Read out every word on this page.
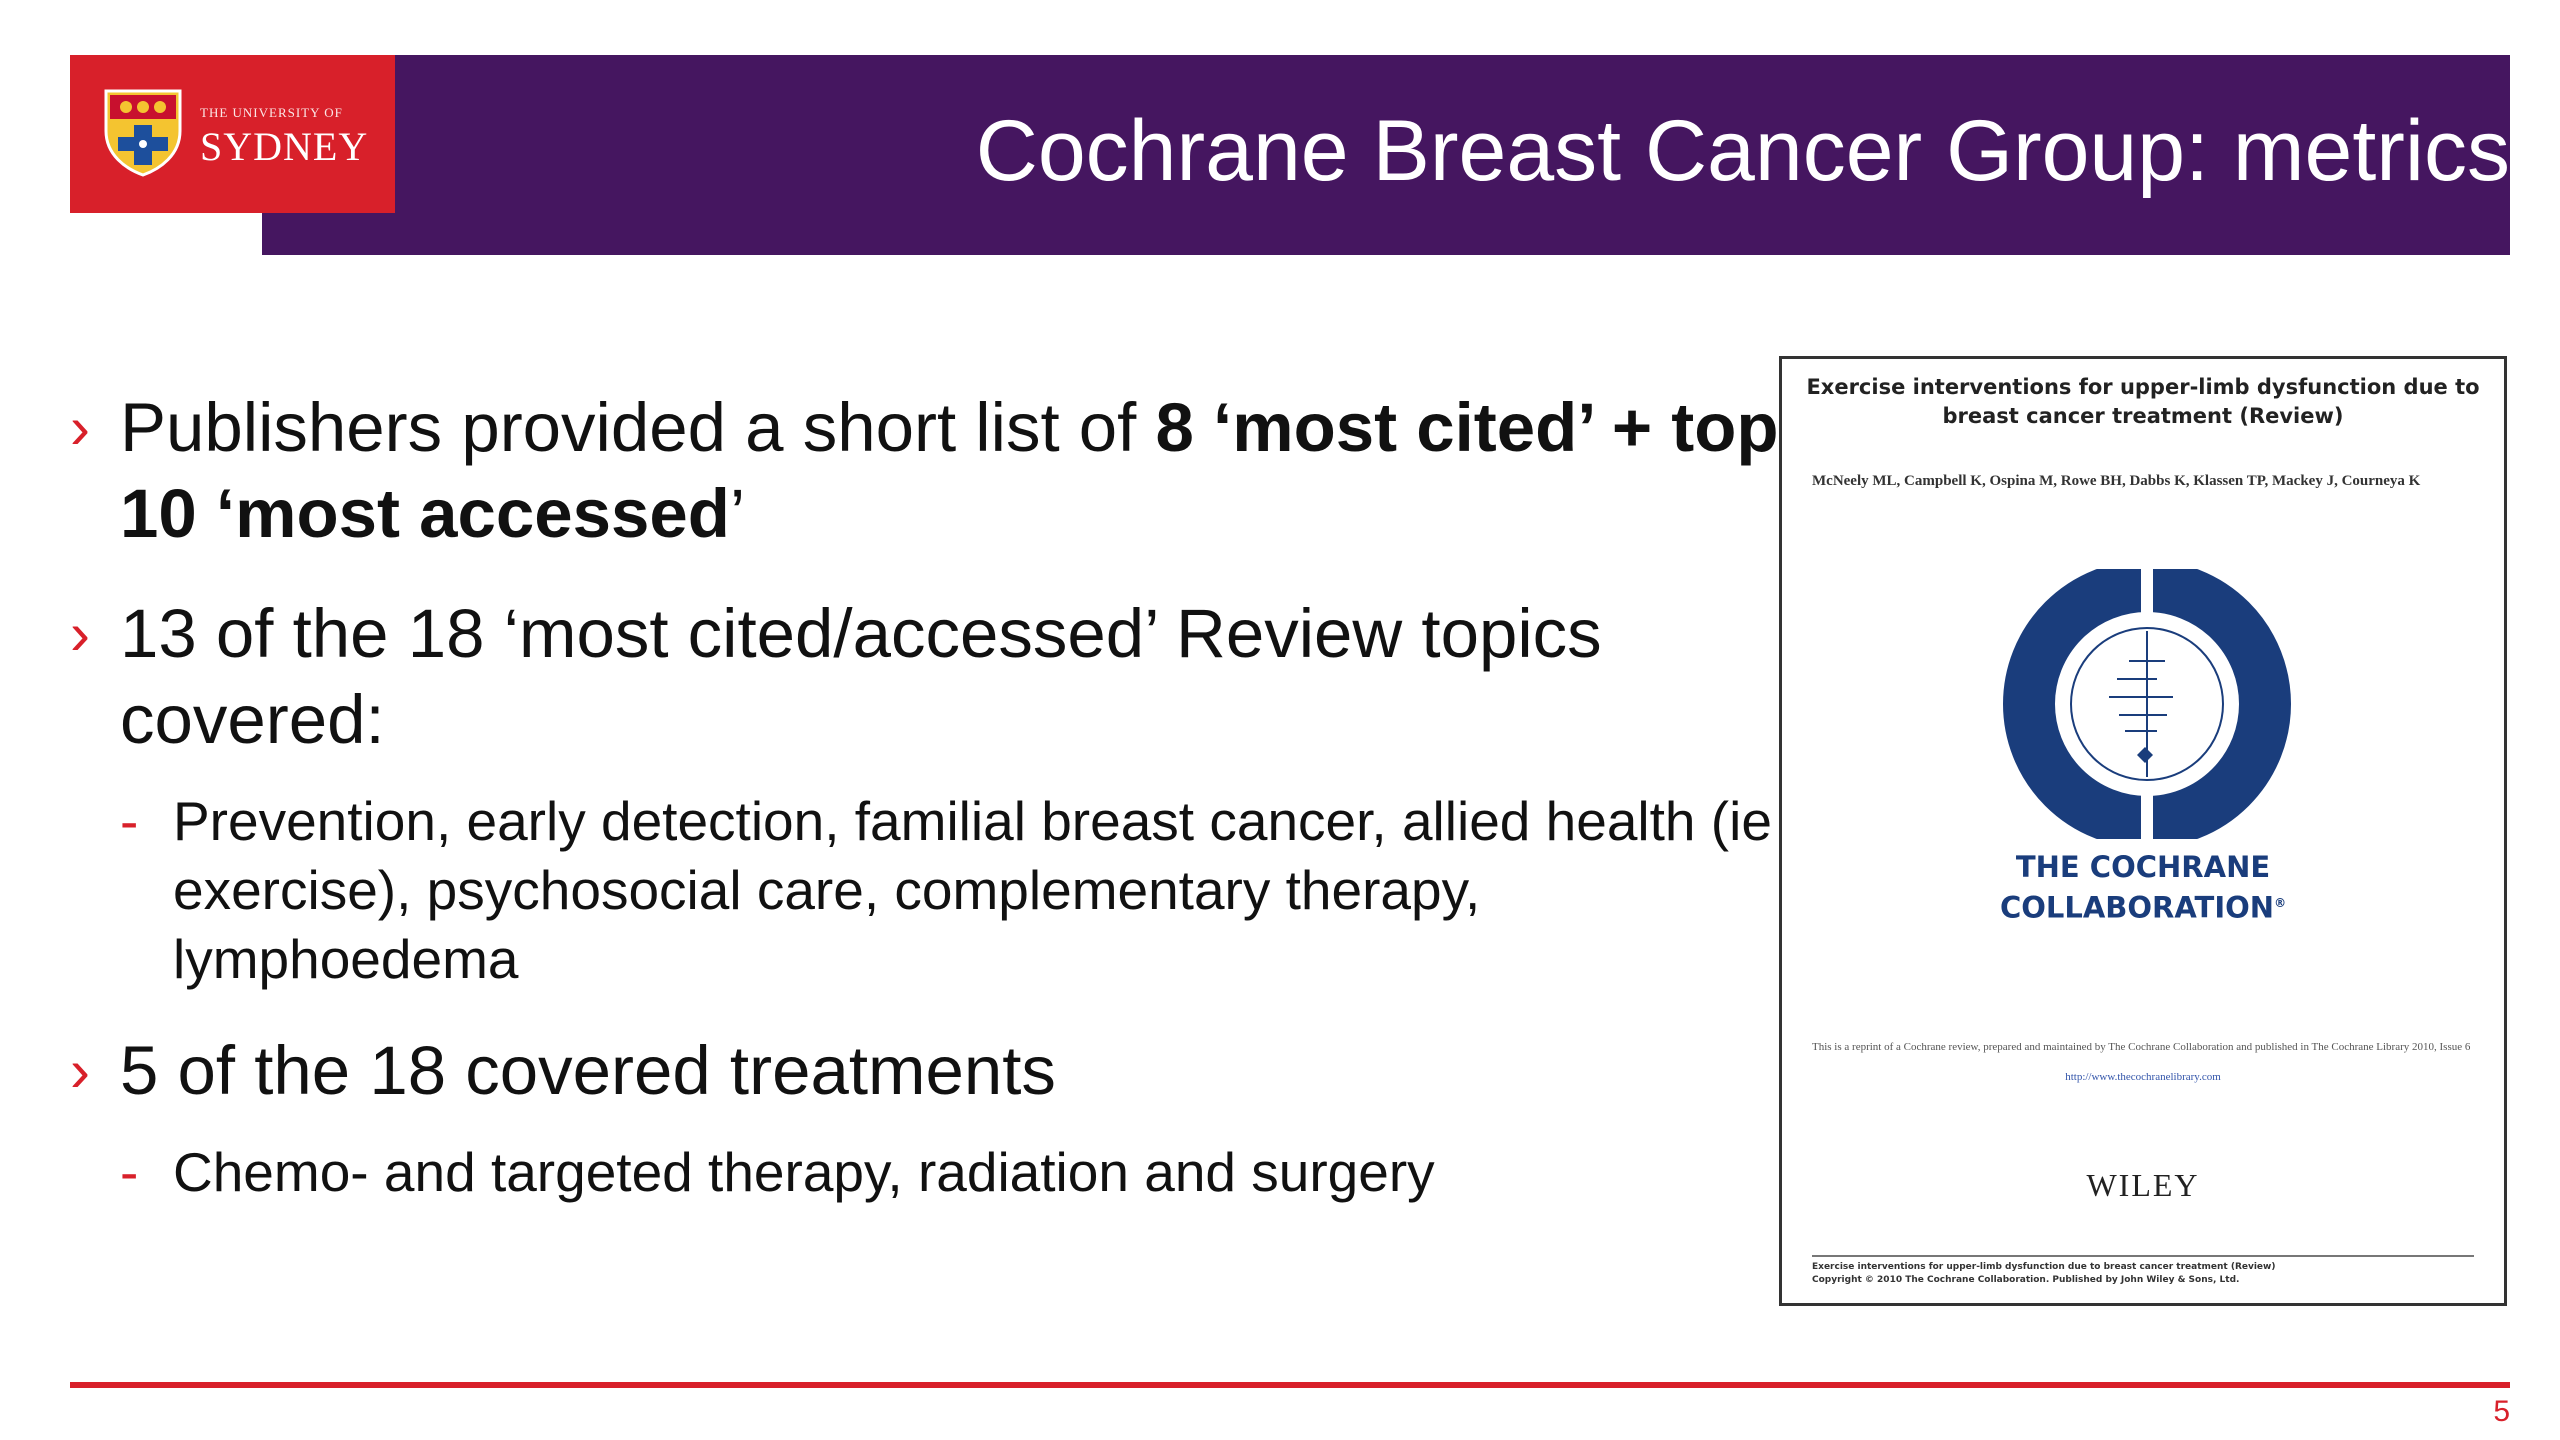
THE UNIVERSITY OF
SYDNEY	Cochrane Breast Cancer Group: metrics
› Publishers provided a short list of 8 ‘most cited’ + top 10 ‘most accessed’
› 13 of the 18 ‘most cited/accessed’ Review topics covered:
- Prevention, early detection, familial breast cancer, allied health (ie exercise), psychosocial care, complementary therapy, lymphoedema
› 5 of the 18 covered treatments
- Chemo- and targeted therapy, radiation and surgery
Exercise interventions for upper-limb dysfunction due to breast cancer treatment (Review)
McNeely ML, Campbell K, Ospina M, Rowe BH, Dabbs K, Klassen TP, Mackey J, Courneya K
THE COCHRANE
COLLABORATION®
This is a reprint of a Cochrane review, prepared and maintained by The Cochrane Collaboration and published in The Cochrane Library 2010, Issue 6
http://www.thecochranelibrary.com
WILEY
Exercise interventions for upper-limb dysfunction due to breast cancer treatment (Review)
Copyright © 2010 The Cochrane Collaboration. Published by John Wiley & Sons, Ltd.
5
